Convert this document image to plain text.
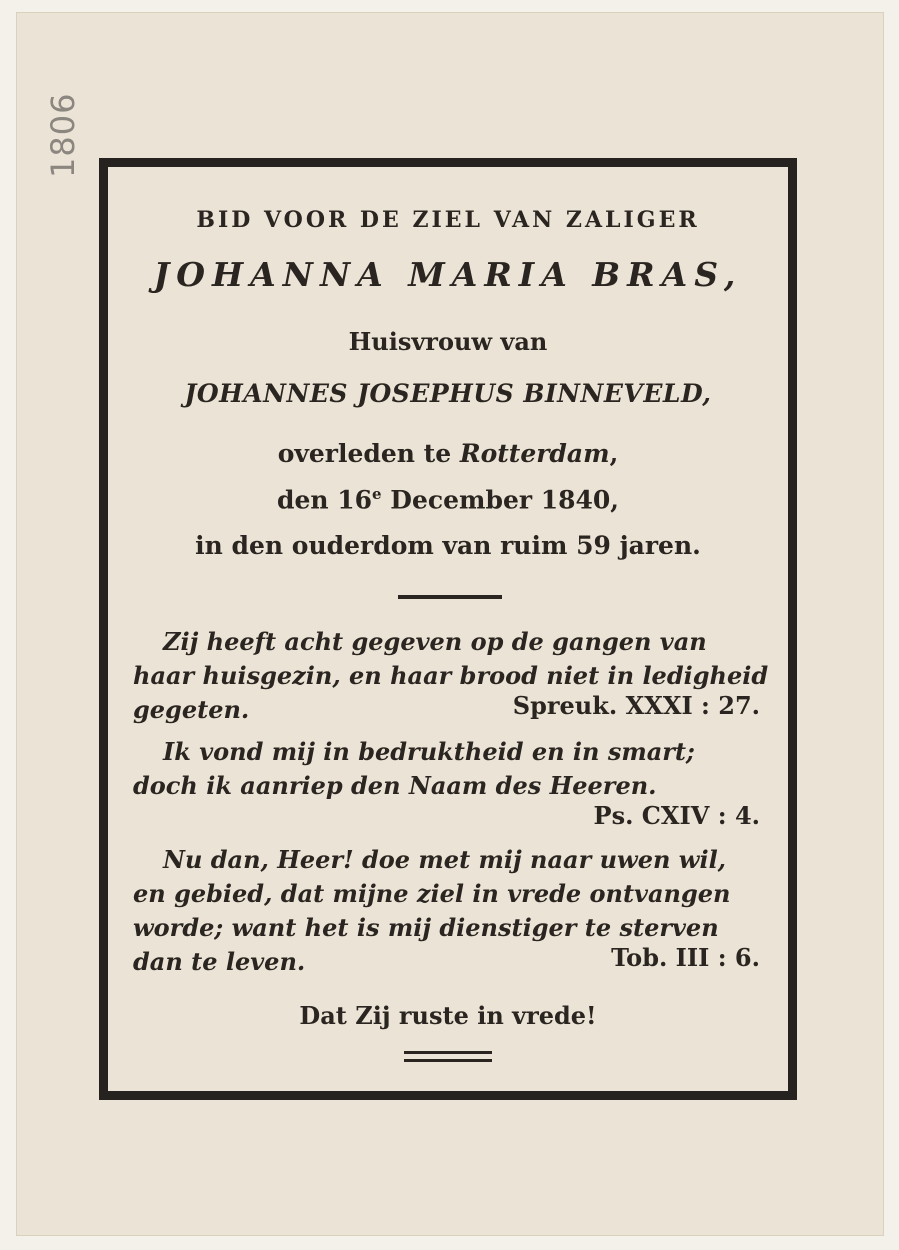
1806
BID VOOR DE ZIEL VAN ZALIGER
JOHANNA MARIA BRAS,
Huisvrouw van
JOHANNES JOSEPHUS BINNEVELD,
overleden te Rotterdam,
den 16e December 1840,
in den ouderdom van ruim 59 jaren.
Zij heeft acht gegeven op de gangen van
haar huisgezin, en haar brood niet in ledigheid
gegeten.	Spreuk. XXXI : 27.
Ik vond mij in bedruktheid en in smart;
doch ik aanriep den Naam des Heeren.
Ps. CXIV : 4.
Nu dan, Heer! doe met mij naar uwen wil,
en gebied, dat mijne ziel in vrede ontvangen
worde; want het is mij dienstiger te sterven
dan te leven.	Tob. III : 6.
Dat Zij ruste in vrede!
